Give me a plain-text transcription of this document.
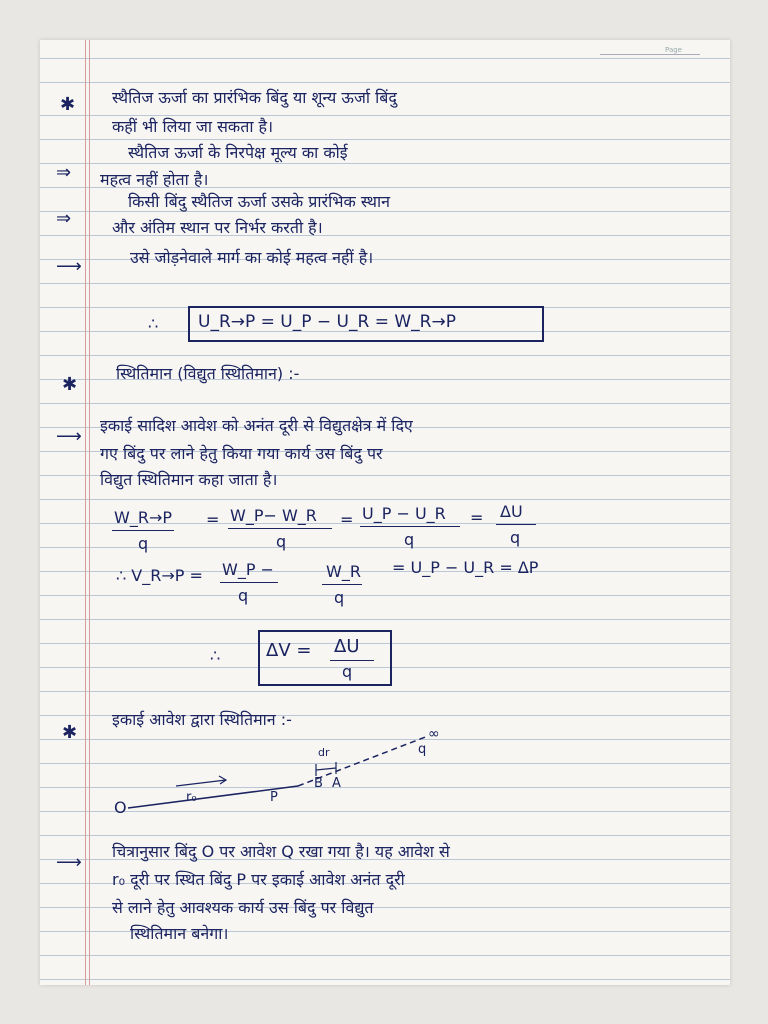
Page
✱ स्थैतिज ऊर्जा का प्रारंभिक बिंदु या शून्य ऊर्जा बिंदु
कहीं भी लिया जा सकता है।
⇒
स्थैतिज ऊर्जा के निरपेक्ष मूल्य का कोई
महत्व नहीं होता है।
⇒
किसी बिंदु स्थैतिज ऊर्जा उसके प्रारंभिक स्थान
और अंतिम स्थान पर निर्भर करती है।
⟶	उसे जोड़नेवाले मार्ग का कोई महत्व नहीं है।
∴ U_R→P = U_P − U_R = W_R→P
✱
स्थितिमान (विद्युत स्थितिमान) :-
⟶
इकाई सादिश आवेश को अनंत दूरी से विद्युतक्षेत्र में दिए
गए बिंदु पर लाने हेतु किया गया कार्य उस बिंदु पर
विद्युत स्थितिमान कहा जाता है।
W_R→P
q
= W_P− W_R
q
= U_P − U_R
q
= ΔU
q
∴ V_R→P = W_P −
q
W_R
q
= U_P − U_R = ΔP
∴	ΔV = ΔU
q
✱
इकाई आवेश द्वारा स्थितिमान :-
O
r₀	P
dr
B A
∞
q
⟶
चित्रानुसार बिंदु O पर आवेश Q रखा गया है। यह आवेश से
r₀ दूरी पर स्थित बिंदु P पर इकाई आवेश अनंत दूरी
से लाने हेतु आवश्यक कार्य उस बिंदु पर विद्युत
स्थितिमान बनेगा।
